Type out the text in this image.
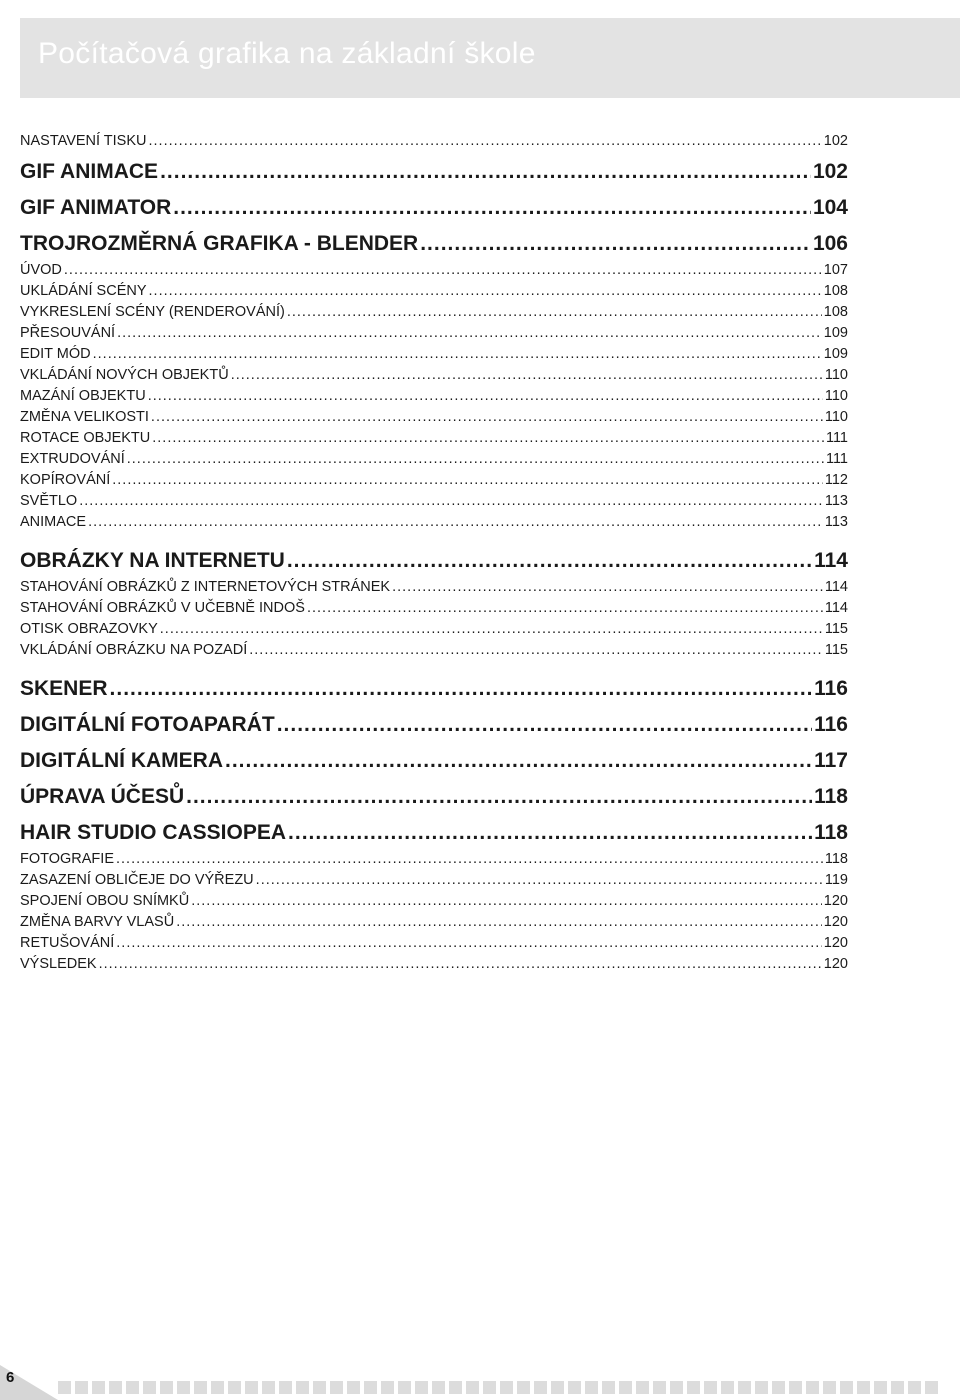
Počítačová grafika na základní škole
NASTAVENÍ TISKU .....	102
GIF ANIMACE .....	102
GIF ANIMATOR .....	104
TROJROZMĚRNÁ GRAFIKA - BLENDER .....	106
ÚVOD .....	107
UKLÁDÁNÍ SCÉNY .....	108
VYKRESLENÍ SCÉNY (RENDEROVÁNÍ) .....	108
PŘESOUVÁNÍ .....	109
EDIT MÓD .....	109
VKLÁDÁNÍ NOVÝCH OBJEKTŮ .....	110
MAZÁNÍ OBJEKTU .....	110
ZMĚNA VELIKOSTI .....	110
ROTACE OBJEKTU .....	111
EXTRUDOVÁNÍ .....	111
KOPÍROVÁNÍ .....	112
SVĚTLO .....	113
ANIMACE .....	113
OBRÁZKY NA INTERNETU .....	114
STAHOVÁNÍ OBRÁZKŮ Z INTERNETOVÝCH STRÁNEK .....	114
STAHOVÁNÍ OBRÁZKŮ V UČEBNĚ INDOŠ .....	114
OTISK OBRAZOVKY .....	115
VKLÁDÁNÍ OBRÁZKU NA POZADÍ .....	115
SKENER .....	116
DIGITÁLNÍ FOTOAPARÁT .....	116
DIGITÁLNÍ KAMERA .....	117
ÚPRAVA ÚČESŮ .....	118
HAIR STUDIO CASSIOPEA .....	118
FOTOGRAFIE .....	118
ZASAZENÍ OBLIČEJE DO VÝŘEZU .....	119
SPOJENÍ OBOU SNÍMKŮ .....	120
ZMĚNA BARVY VLASŮ .....	120
RETUŠOVÁNÍ .....	120
VÝSLEDEK .....	120
6
